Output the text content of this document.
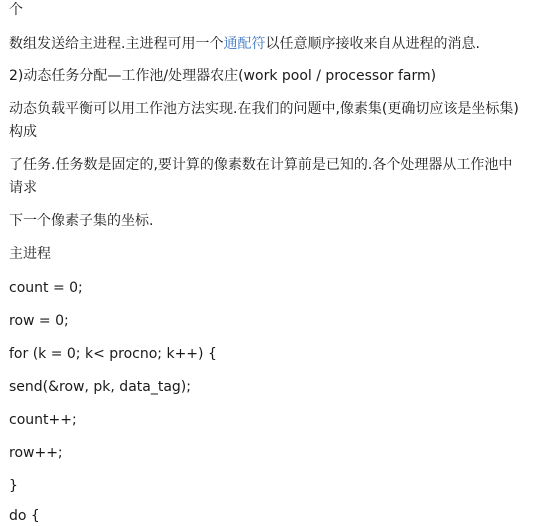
个
数组发送给主进程.主进程可用一个通配符以任意顺序接收来自从进程的消息.
2)动态任务分配—工作池/处理器农庄(work pool / processor farm)
动态负载平衡可以用工作池方法实现.在我们的问题中,像素集(更确切应该是坐标集)
构成
了任务.任务数是固定的,要计算的像素数在计算前是已知的.各个处理器从工作池中
请求
下一个像素子集的坐标.
主进程
count = 0;
row = 0;
for (k = 0; k< procno; k++) {
send(&row, pk, data_tag);
count++;
row++;
}
do {
